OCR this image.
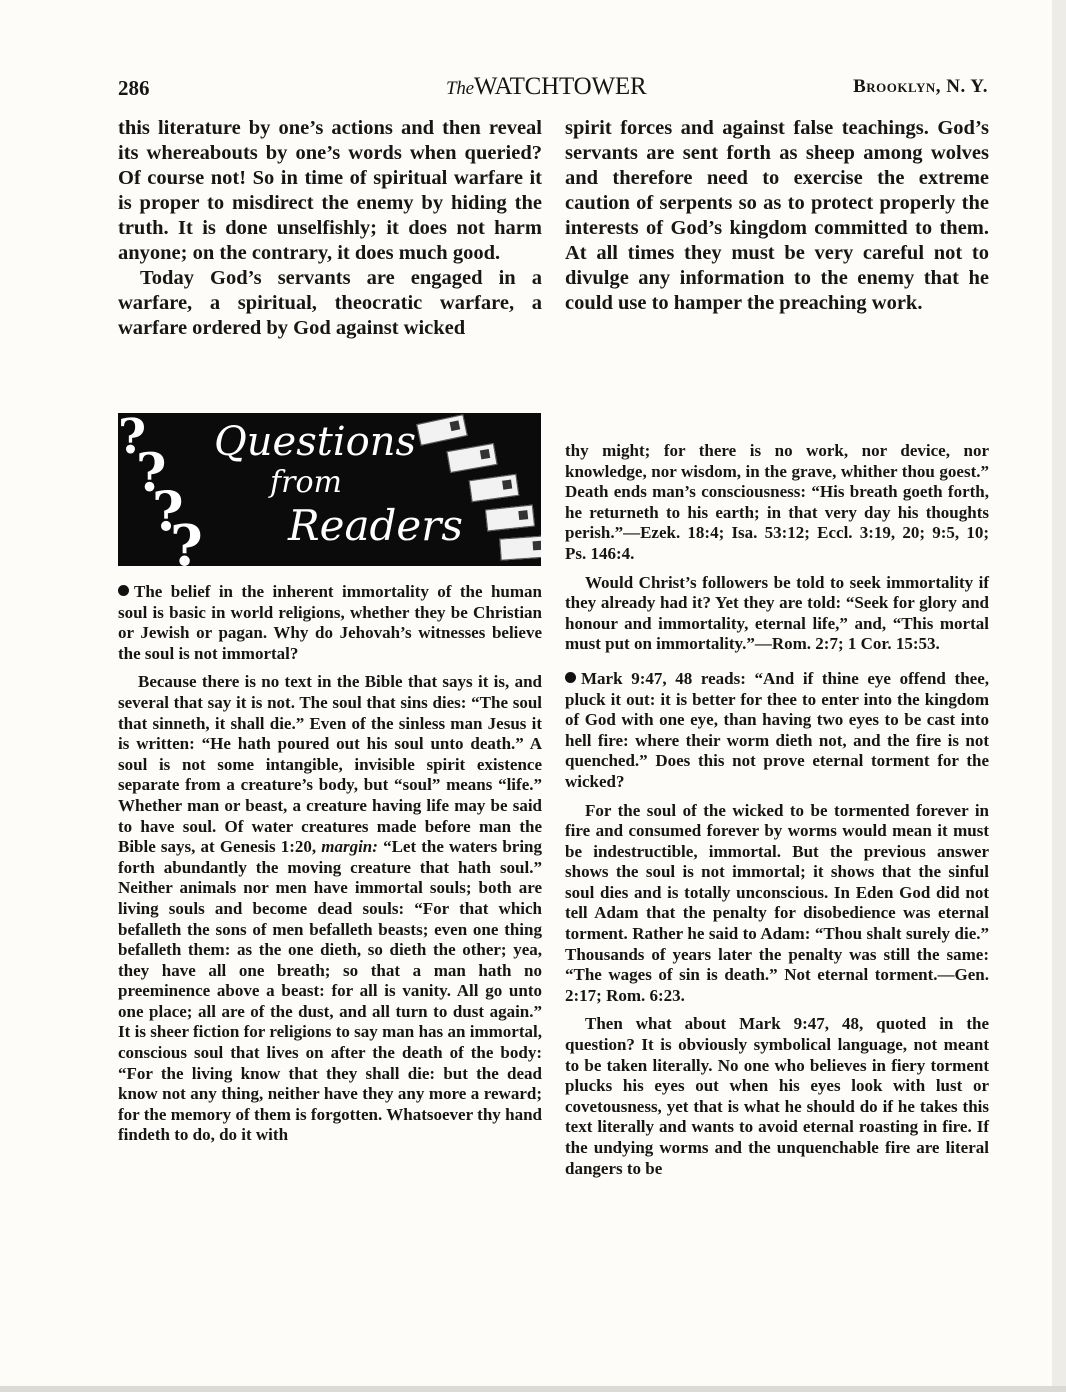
286	TheWATCHTOWER	Brooklyn, N. Y.

this literature by one’s actions and then reveal its whereabouts by one’s words when queried? Of course not! So in time of spiritual warfare it is proper to misdirect the enemy by hiding the truth. It is done unselfishly; it does not harm anyone; on the contrary, it does much good.

Today God’s servants are engaged in a warfare, a spiritual, theocratic warfare, a warfare ordered by God against wicked

spirit forces and against false teachings. God’s servants are sent forth as sheep among wolves and therefore need to exercise the extreme caution of serpents so as to protect properly the interests of God’s kingdom committed to them. At all times they must be very careful not to divulge any information to the enemy that he could use to hamper the preaching work.

?
?
?
?
Questions
from
Readers

The belief in the inherent immortality of the human soul is basic in world religions, whether they be Christian or Jewish or pagan. Why do Jehovah’s witnesses believe the soul is not immortal?

Because there is no text in the Bible that says it is, and several that say it is not. The soul that sins dies: “The soul that sinneth, it shall die.” Even of the sinless man Jesus it is written: “He hath poured out his soul unto death.” A soul is not some intangible, invisible spirit existence separate from a creature’s body, but “soul” means “life.” Whether man or beast, a creature having life may be said to have soul. Of water creatures made before man the Bible says, at Genesis 1:20, margin: “Let the waters bring forth abundantly the moving creature that hath soul.” Neither animals nor men have immortal souls; both are living souls and become dead souls: “For that which befalleth the sons of men befalleth beasts; even one thing befalleth them: as the one dieth, so dieth the other; yea, they have all one breath; so that a man hath no preeminence above a beast: for all is vanity. All go unto one place; all are of the dust, and all turn to dust again.” It is sheer fiction for religions to say man has an immortal, conscious soul that lives on after the death of the body: “For the living know that they shall die: but the dead know not any thing, neither have they any more a reward; for the memory of them is forgotten. Whatsoever thy hand findeth to do, do it with

thy might; for there is no work, nor device, nor knowledge, nor wisdom, in the grave, whither thou goest.” Death ends man’s consciousness: “His breath goeth forth, he returneth to his earth; in that very day his thoughts perish.”—Ezek. 18:4; Isa. 53:12; Eccl. 3:19, 20; 9:5, 10; Ps. 146:4.

Would Christ’s followers be told to seek immortality if they already had it? Yet they are told: “Seek for glory and honour and immortality, eternal life,” and, “This mortal must put on immortality.”—Rom. 2:7; 1 Cor. 15:53.

Mark 9:47, 48 reads: “And if thine eye offend thee, pluck it out: it is better for thee to enter into the kingdom of God with one eye, than having two eyes to be cast into hell fire: where their worm dieth not, and the fire is not quenched.” Does this not prove eternal torment for the wicked?

For the soul of the wicked to be tormented forever in fire and consumed forever by worms would mean it must be indestructible, immortal. But the previous answer shows the soul is not immortal; it shows that the sinful soul dies and is totally unconscious. In Eden God did not tell Adam that the penalty for disobedience was eternal torment. Rather he said to Adam: “Thou shalt surely die.” Thousands of years later the penalty was still the same: “The wages of sin is death.” Not eternal torment.—Gen. 2:17; Rom. 6:23.

Then what about Mark 9:47, 48, quoted in the question? It is obviously symbolical language, not meant to be taken literally. No one who believes in fiery torment plucks his eyes out when his eyes look with lust or covetousness, yet that is what he should do if he takes this text literally and wants to avoid eternal roasting in fire. If the undying worms and the unquenchable fire are literal dangers to be
